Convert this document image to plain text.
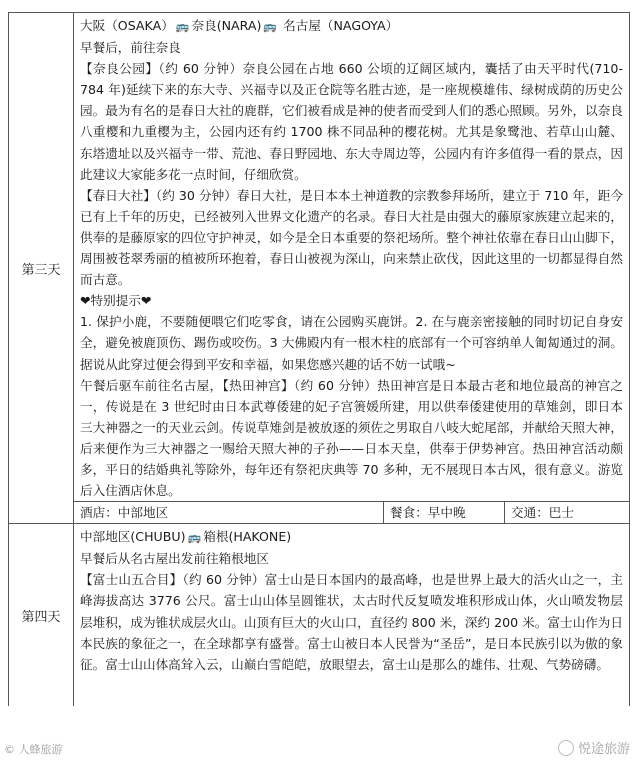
第三天

大阪（OSAKA） 🚌 奈良(NARA) 🚌 名古屋（NAGOYA）

早餐后，前往奈良

【奈良公园】（约 60 分钟）奈良公园在占地 660 公顷的辽阔区域内，囊括了由天平时代(710-784 年)延续下来的东大寺、兴福寺以及正仓院等名胜古迹，是一座规模雄伟、绿树成荫的历史公园。最为有名的是春日大社的鹿群，它们被看成是神的使者而受到人们的悉心照顾。另外，以奈良八重樱和九重樱为主，公园内还有约 1700 株不同品种的樱花树。尤其是象鹭池、若草山山麓、东塔遗址以及兴福寺一带、荒池、春日野园地、东大寺周边等，公园内有许多值得一看的景点，因此建议大家能多花一点时间，仔细欣赏。

【春日大社】（约 30 分钟）春日大社，是日本本土神道教的宗教参拜场所，建立于 710 年，距今已有上千年的历史，已经被列入世界文化遗产的名录。春日大社是由强大的藤原家族建立起来的，供奉的是藤原家的四位守护神灵，如今是全日本重要的祭祀场所。整个神社依靠在春日山山脚下，周围被苍翠秀丽的植被所环抱着，春日山被视为深山，向来禁止砍伐，因此这里的一切都显得自然而古意。

❤特别提示❤

1. 保护小鹿，不要随便喂它们吃零食，请在公园购买鹿饼。2. 在与鹿亲密接触的同时切记自身安全，避免被鹿顶伤、踢伤或咬伤。3 大佛殿内有一根木柱的底部有一个可容纳单人匍匐通过的洞。据说从此穿过便会得到平安和幸福，如果您感兴趣的话不妨一试哦~

午餐后驱车前往名古屋，【热田神宫】（约 60 分钟）热田神宫是日本最古老和地位最高的神宫之一，传说是在 3 世纪时由日本武尊倭建的妃子宫箦媛所建，用以供奉倭建使用的草雉剑，即日本三大神器之一的天业云剑。传说草雉剑是被放逐的须佐之男取自八岐大蛇尾部，并献给天照大神，后来便作为三大神器之一赐给天照大神的子孙——日本天皇，供奉于伊势神宫。热田神宫活动颇多，平日的结婚典礼等除外，每年还有祭祀庆典等 70 多种，无不展现日本古风，很有意义。游览后入住酒店休息。

酒店：中部地区	餐食：早中晚	交通：巴士
第四天

中部地区(CHUBU) 🚌 箱根(HAKONE)

早餐后从名古屋出发前往箱根地区

【富士山五合目】（约 60 分钟）富士山是日本国内的最高峰，也是世界上最大的活火山之一，主峰海拔高达 3776 公尺。富士山山体呈圆锥状，太古时代反复喷发堆积形成山体，火山喷发物层层堆积，成为锥状成层火山。山顶有巨大的火山口，直径约 800 米，深约 200 米。富士山作为日本民族的象征之一，在全球都享有盛誉。富士山被日本人民誉为“圣岳”，是日本民族引以为傲的象征。富士山山体高耸入云，山巅白雪皑皑，放眼望去，富士山是那么的雄伟、壮观、气势磅礴。

© 人蜂旅游	悦途旅游
